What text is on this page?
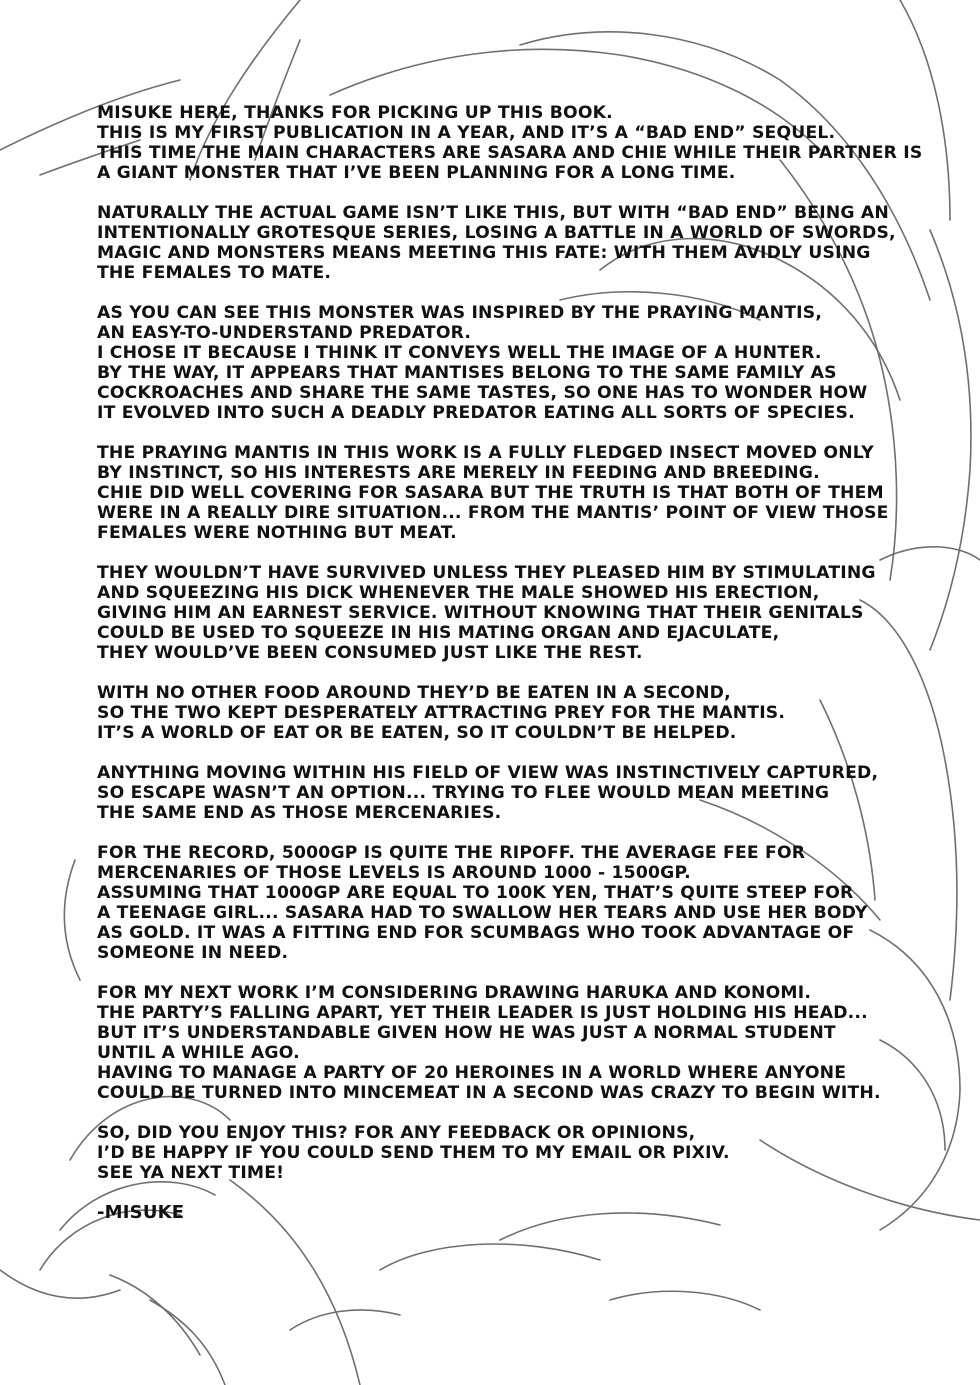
MISUKE HERE, THANKS FOR PICKING UP THIS BOOK.
THIS IS MY FIRST PUBLICATION IN A YEAR, AND IT’S A “BAD END” SEQUEL.
THIS TIME THE MAIN CHARACTERS ARE SASARA AND CHIE WHILE THEIR PARTNER IS
A GIANT MONSTER THAT I’VE BEEN PLANNING FOR A LONG TIME.
NATURALLY THE ACTUAL GAME ISN’T LIKE THIS, BUT WITH “BAD END” BEING AN
INTENTIONALLY GROTESQUE SERIES, LOSING A BATTLE IN A WORLD OF SWORDS,
MAGIC AND MONSTERS MEANS MEETING THIS FATE: WITH THEM AVIDLY USING
THE FEMALES TO MATE.
AS YOU CAN SEE THIS MONSTER WAS INSPIRED BY THE PRAYING MANTIS,
AN EASY-TO-UNDERSTAND PREDATOR.
I CHOSE IT BECAUSE I THINK IT CONVEYS WELL THE IMAGE OF A HUNTER.
BY THE WAY, IT APPEARS THAT MANTISES BELONG TO THE SAME FAMILY AS
COCKROACHES AND SHARE THE SAME TASTES, SO ONE HAS TO WONDER HOW
IT EVOLVED INTO SUCH A DEADLY PREDATOR EATING ALL SORTS OF SPECIES.
THE PRAYING MANTIS IN THIS WORK IS A FULLY FLEDGED INSECT MOVED ONLY
BY INSTINCT, SO HIS INTERESTS ARE MERELY IN FEEDING AND BREEDING.
CHIE DID WELL COVERING FOR SASARA BUT THE TRUTH IS THAT BOTH OF THEM
WERE IN A REALLY DIRE SITUATION... FROM THE MANTIS’ POINT OF VIEW THOSE
FEMALES WERE NOTHING BUT MEAT.
THEY WOULDN’T HAVE SURVIVED UNLESS THEY PLEASED HIM BY STIMULATING
AND SQUEEZING HIS DICK WHENEVER THE MALE SHOWED HIS ERECTION,
GIVING HIM AN EARNEST SERVICE. WITHOUT KNOWING THAT THEIR GENITALS
COULD BE USED TO SQUEEZE IN HIS MATING ORGAN AND EJACULATE,
THEY WOULD’VE BEEN CONSUMED JUST LIKE THE REST.
WITH NO OTHER FOOD AROUND THEY’D BE EATEN IN A SECOND,
SO THE TWO KEPT DESPERATELY ATTRACTING PREY FOR THE MANTIS.
IT’S A WORLD OF EAT OR BE EATEN, SO IT COULDN’T BE HELPED.
ANYTHING MOVING WITHIN HIS FIELD OF VIEW WAS INSTINCTIVELY CAPTURED,
SO ESCAPE WASN’T AN OPTION... TRYING TO FLEE WOULD MEAN MEETING
THE SAME END AS THOSE MERCENARIES.
FOR THE RECORD, 5000GP IS QUITE THE RIPOFF. THE AVERAGE FEE FOR
MERCENARIES OF THOSE LEVELS IS AROUND 1000 - 1500GP.
ASSUMING THAT 1000GP ARE EQUAL TO 100K YEN, THAT’S QUITE STEEP FOR
A TEENAGE GIRL... SASARA HAD TO SWALLOW HER TEARS AND USE HER BODY
AS GOLD. IT WAS A FITTING END FOR SCUMBAGS WHO TOOK ADVANTAGE OF
SOMEONE IN NEED.
FOR MY NEXT WORK I’M CONSIDERING DRAWING HARUKA AND KONOMI.
THE PARTY’S FALLING APART, YET THEIR LEADER IS JUST HOLDING HIS HEAD...
BUT IT’S UNDERSTANDABLE GIVEN HOW HE WAS JUST A NORMAL STUDENT
UNTIL A WHILE AGO.
HAVING TO MANAGE A PARTY OF 20 HEROINES IN A WORLD WHERE ANYONE
COULD BE TURNED INTO MINCEMEAT IN A SECOND WAS CRAZY TO BEGIN WITH.
SO, DID YOU ENJOY THIS? FOR ANY FEEDBACK OR OPINIONS,
I’D BE HAPPY IF YOU COULD SEND THEM TO MY EMAIL OR PIXIV.
SEE YA NEXT TIME!
-MISUKE
